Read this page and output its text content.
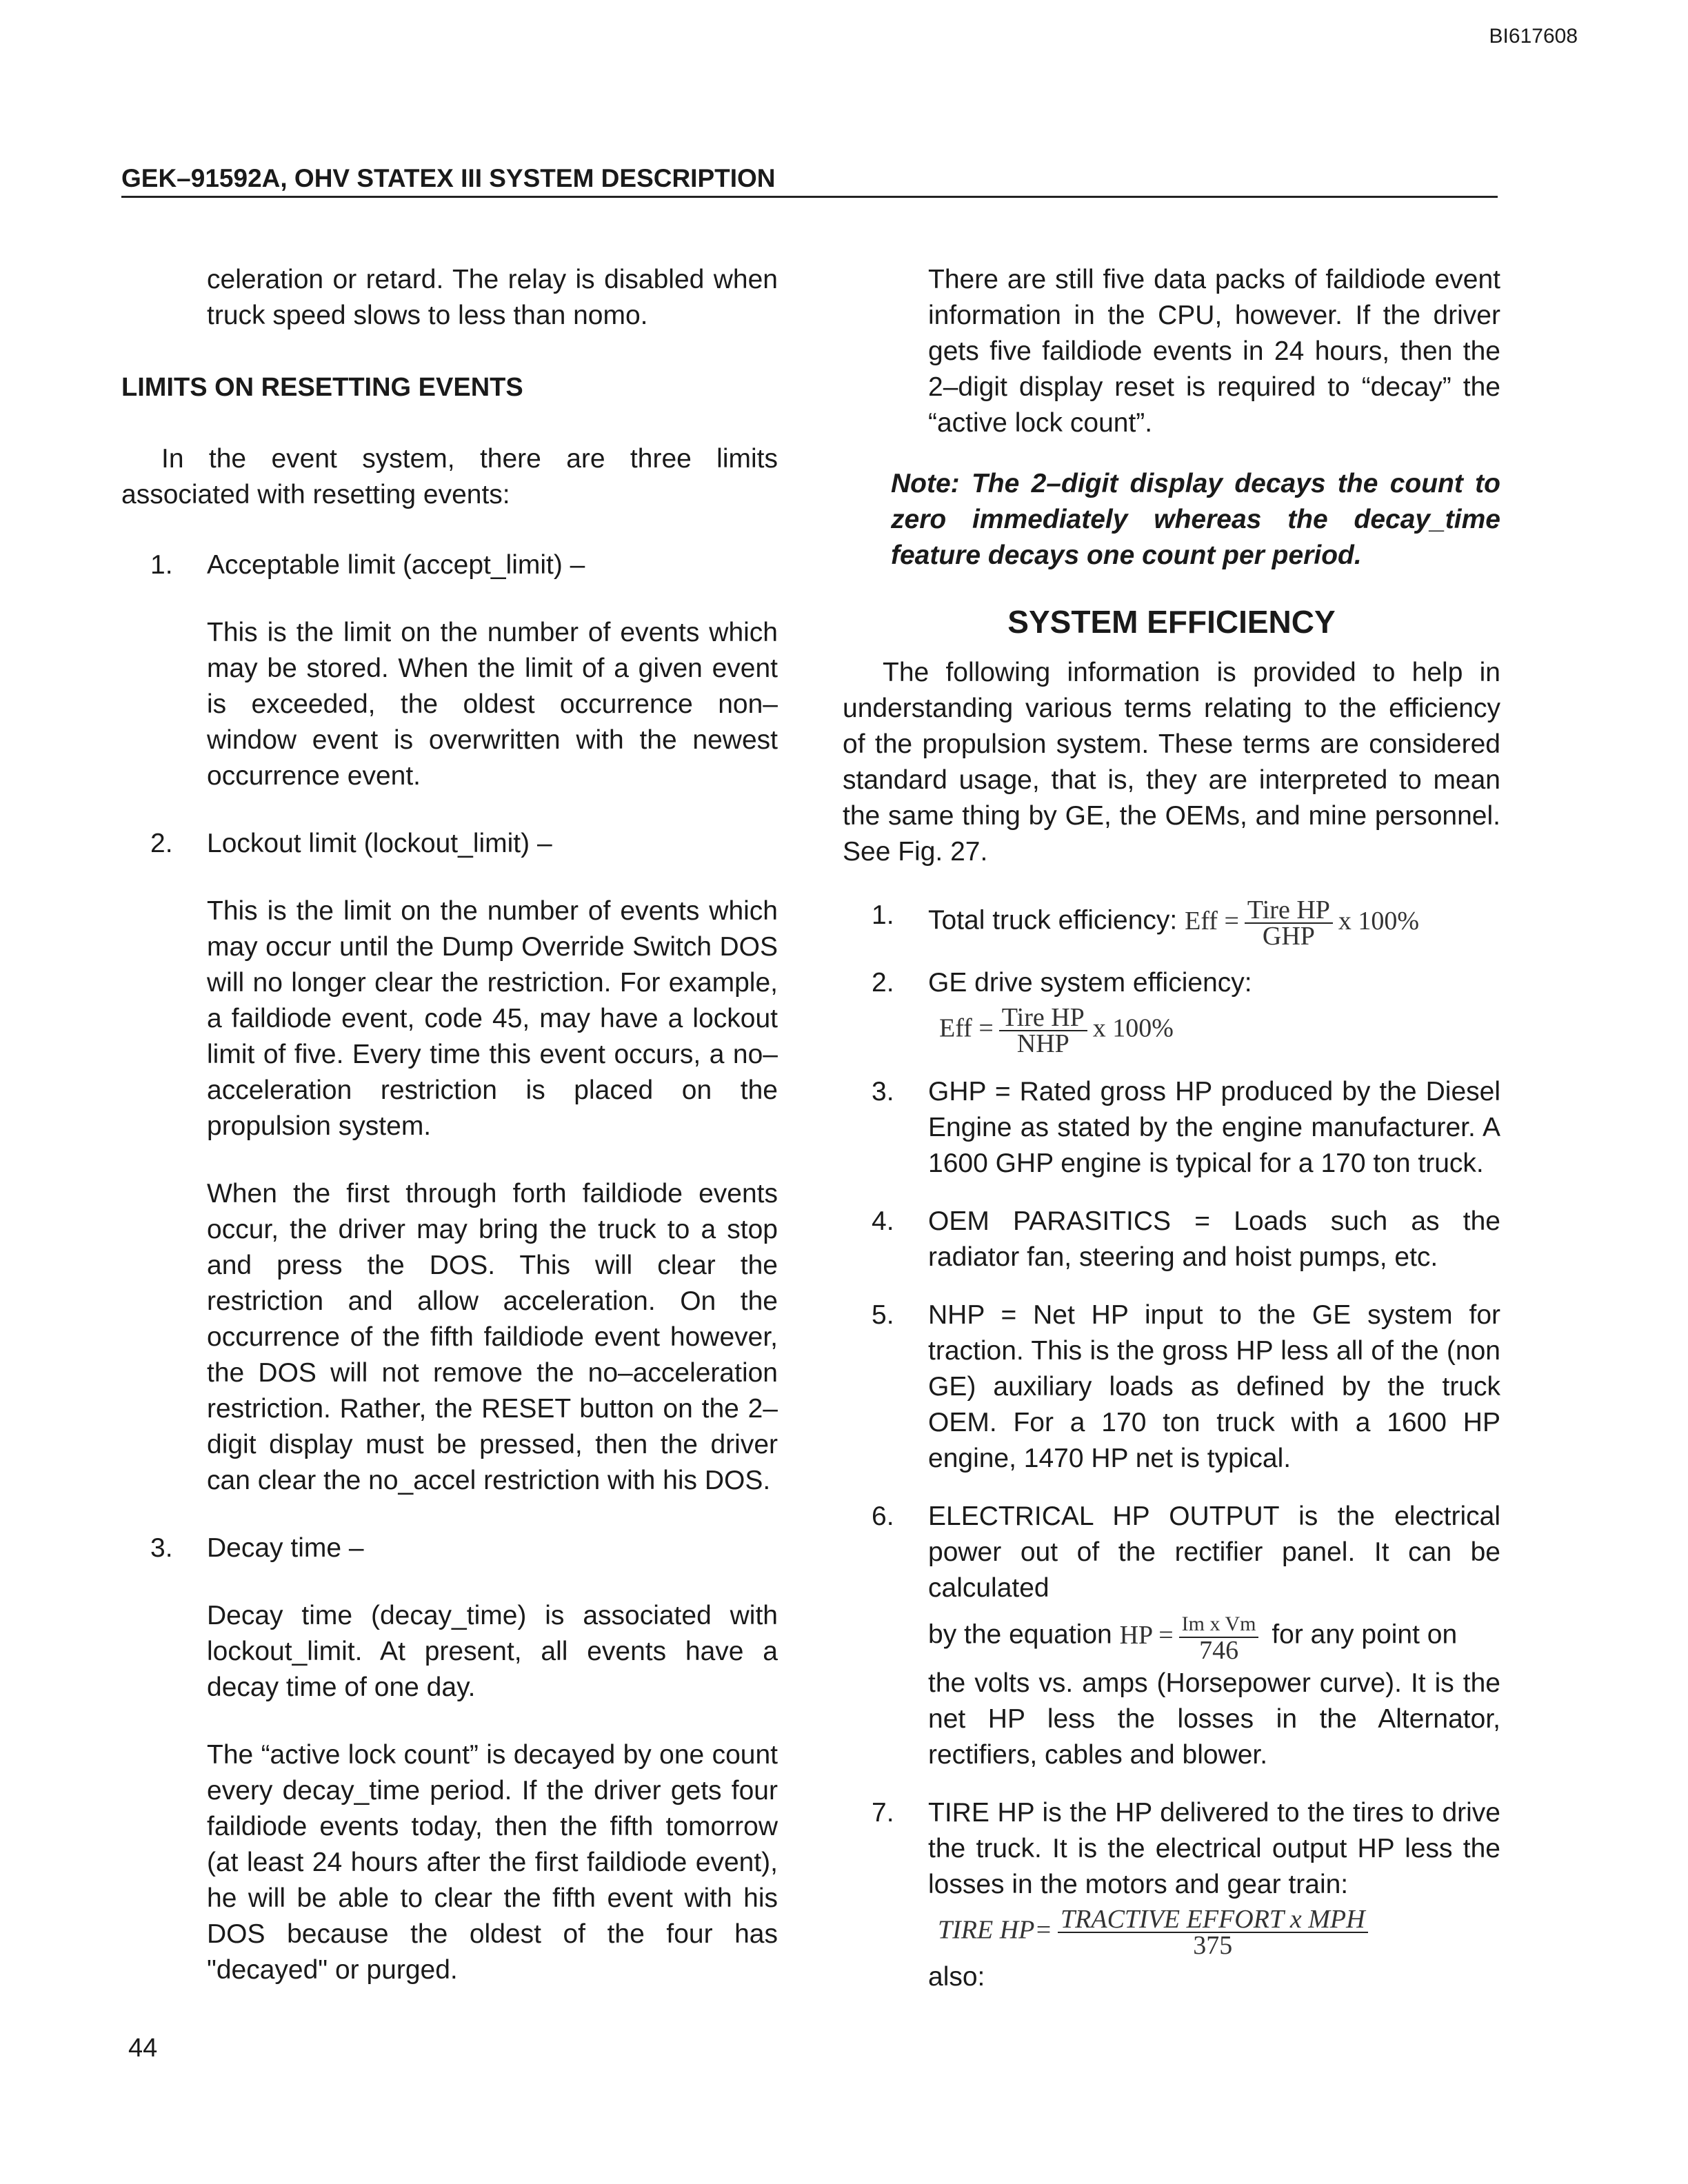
BI617608
GEK–91592A, OHV STATEX III SYSTEM DESCRIPTION

celeration or retard. The relay is disabled when truck speed slows to less than nomo.

LIMITS ON RESETTING EVENTS

In the event system, there are three limits associated with resetting events:

1. Acceptable limit (accept_limit) –

This is the limit on the number of events which may be stored. When the limit of a given event is exceeded, the oldest occurrence non–window event is overwritten with the newest occurrence event.

2. Lockout limit (lockout_limit) –

This is the limit on the number of events which may occur until the Dump Override Switch DOS will no longer clear the restriction. For example, a faildiode event, code 45, may have a lockout limit of five. Every time this event occurs, a no–acceleration restriction is placed on the propulsion system.

When the first through forth faildiode events occur, the driver may bring the truck to a stop and press the DOS. This will clear the restriction and allow acceleration. On the occurrence of the fifth faildiode event however, the DOS will not remove the no–acceleration restriction. Rather, the RESET button on the 2–digit display must be pressed, then the driver can clear the no_accel restriction with his DOS.

3. Decay time –

Decay time (decay_time) is associated with lockout_limit. At present, all events have a decay time of one day.

The “active lock count” is decayed by one count every decay_time period. If the driver gets four faildiode events today, then the fifth tomorrow (at least 24 hours after the first faildiode event), he will be able to clear the fifth event with his DOS because the oldest of the four has "decayed" or purged.

There are still five data packs of faildiode event information in the CPU, however. If the driver gets five faildiode events in 24 hours, then the 2–digit display reset is required to “decay” the “active lock count”.

Note: The 2–digit display decays the count to zero immediately whereas the decay_time feature decays one count per period.

SYSTEM EFFICIENCY

The following information is provided to help in understanding various terms relating to the efficiency of the propulsion system. These terms are considered standard usage, that is, they are interpreted to mean the same thing by GE, the OEMs, and mine personnel. See Fig. 27.

1. Total truck efficiency: Eff = $\frac{\text{Tire HP}}{\text{GHP}}$ x 100%
2. GE drive system efficiency:

Eff = $\frac{\text{Tire HP}}{\text{NHP}}$ x 100%
3. GHP = Rated gross HP produced by the Diesel Engine as stated by the engine manufacturer. A 1600 GHP engine is typical for a 170 ton truck.

4. OEM PARASITICS = Loads such as the radiator fan, steering and hoist pumps, etc.

5. NHP = Net HP input to the GE system for traction. This is the gross HP less all of the (non GE) auxiliary loads as defined by the truck OEM. For a 170 ton truck with a 1600 HP engine, 1470 HP net is typical.

6. ELECTRICAL HP OUTPUT is the electrical power out of the rectifier panel. It can be calculated

by the equation HP = $\frac{\text{Im x Vm}}{746}$ for any point on

the volts vs. amps (Horsepower curve). It is the net HP less the losses in the Alternator, rectifiers, cables and blower.

7. TIRE HP is the HP delivered to the tires to drive the truck. It is the electrical output HP less the losses in the motors and gear train:

TIRE $HP= \frac{\text{TRACTIVE EFFORT x MPH}}{375}$

also:

44
